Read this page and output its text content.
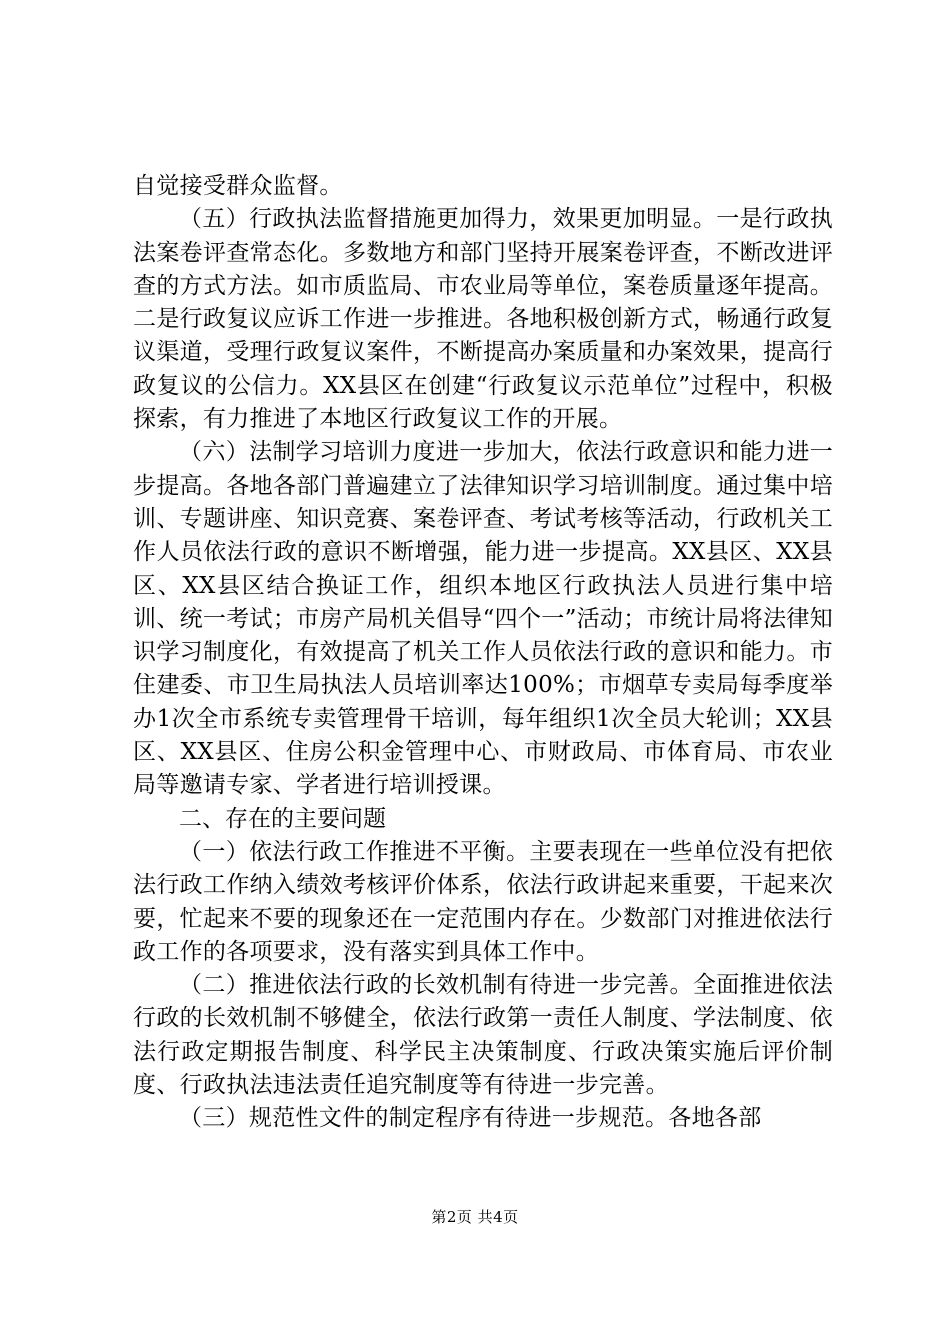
自觉接受群众监督。

（五）行政执法监督措施更加得力，效果更加明显。一是行政执法案卷评查常态化。多数地方和部门坚持开展案卷评查，不断改进评查的方式方法。如市质监局、市农业局等单位，案卷质量逐年提高。二是行政复议应诉工作进一步推进。各地积极创新方式，畅通行政复议渠道，受理行政复议案件，不断提高办案质量和办案效果，提高行政复议的公信力。XX县区在创建“行政复议示范单位”过程中，积极探索，有力推进了本地区行政复议工作的开展。

（六）法制学习培训力度进一步加大，依法行政意识和能力进一步提高。各地各部门普遍建立了法律知识学习培训制度。通过集中培训、专题讲座、知识竞赛、案卷评查、考试考核等活动，行政机关工作人员依法行政的意识不断增强，能力进一步提高。XX县区、XX县区、XX县区结合换证工作，组织本地区行政执法人员进行集中培训、统一考试；市房产局机关倡导“四个一”活动；市统计局将法律知识学习制度化，有效提高了机关工作人员依法行政的意识和能力。市住建委、市卫生局执法人员培训率达100%；市烟草专卖局每季度举办1次全市系统专卖管理骨干培训，每年组织1次全员大轮训；XX县区、XX县区、住房公积金管理中心、市财政局、市体育局、市农业局等邀请专家、学者进行培训授课。

二、存在的主要问题

（一）依法行政工作推进不平衡。主要表现在一些单位没有把依法行政工作纳入绩效考核评价体系，依法行政讲起来重要，干起来次要，忙起来不要的现象还在一定范围内存在。少数部门对推进依法行政工作的各项要求，没有落实到具体工作中。

（二）推进依法行政的长效机制有待进一步完善。全面推进依法行政的长效机制不够健全，依法行政第一责任人制度、学法制度、依法行政定期报告制度、科学民主决策制度、行政决策实施后评价制度、行政执法违法责任追究制度等有待进一步完善。

（三）规范性文件的制定程序有待进一步规范。各地各部

第2页 共4页
